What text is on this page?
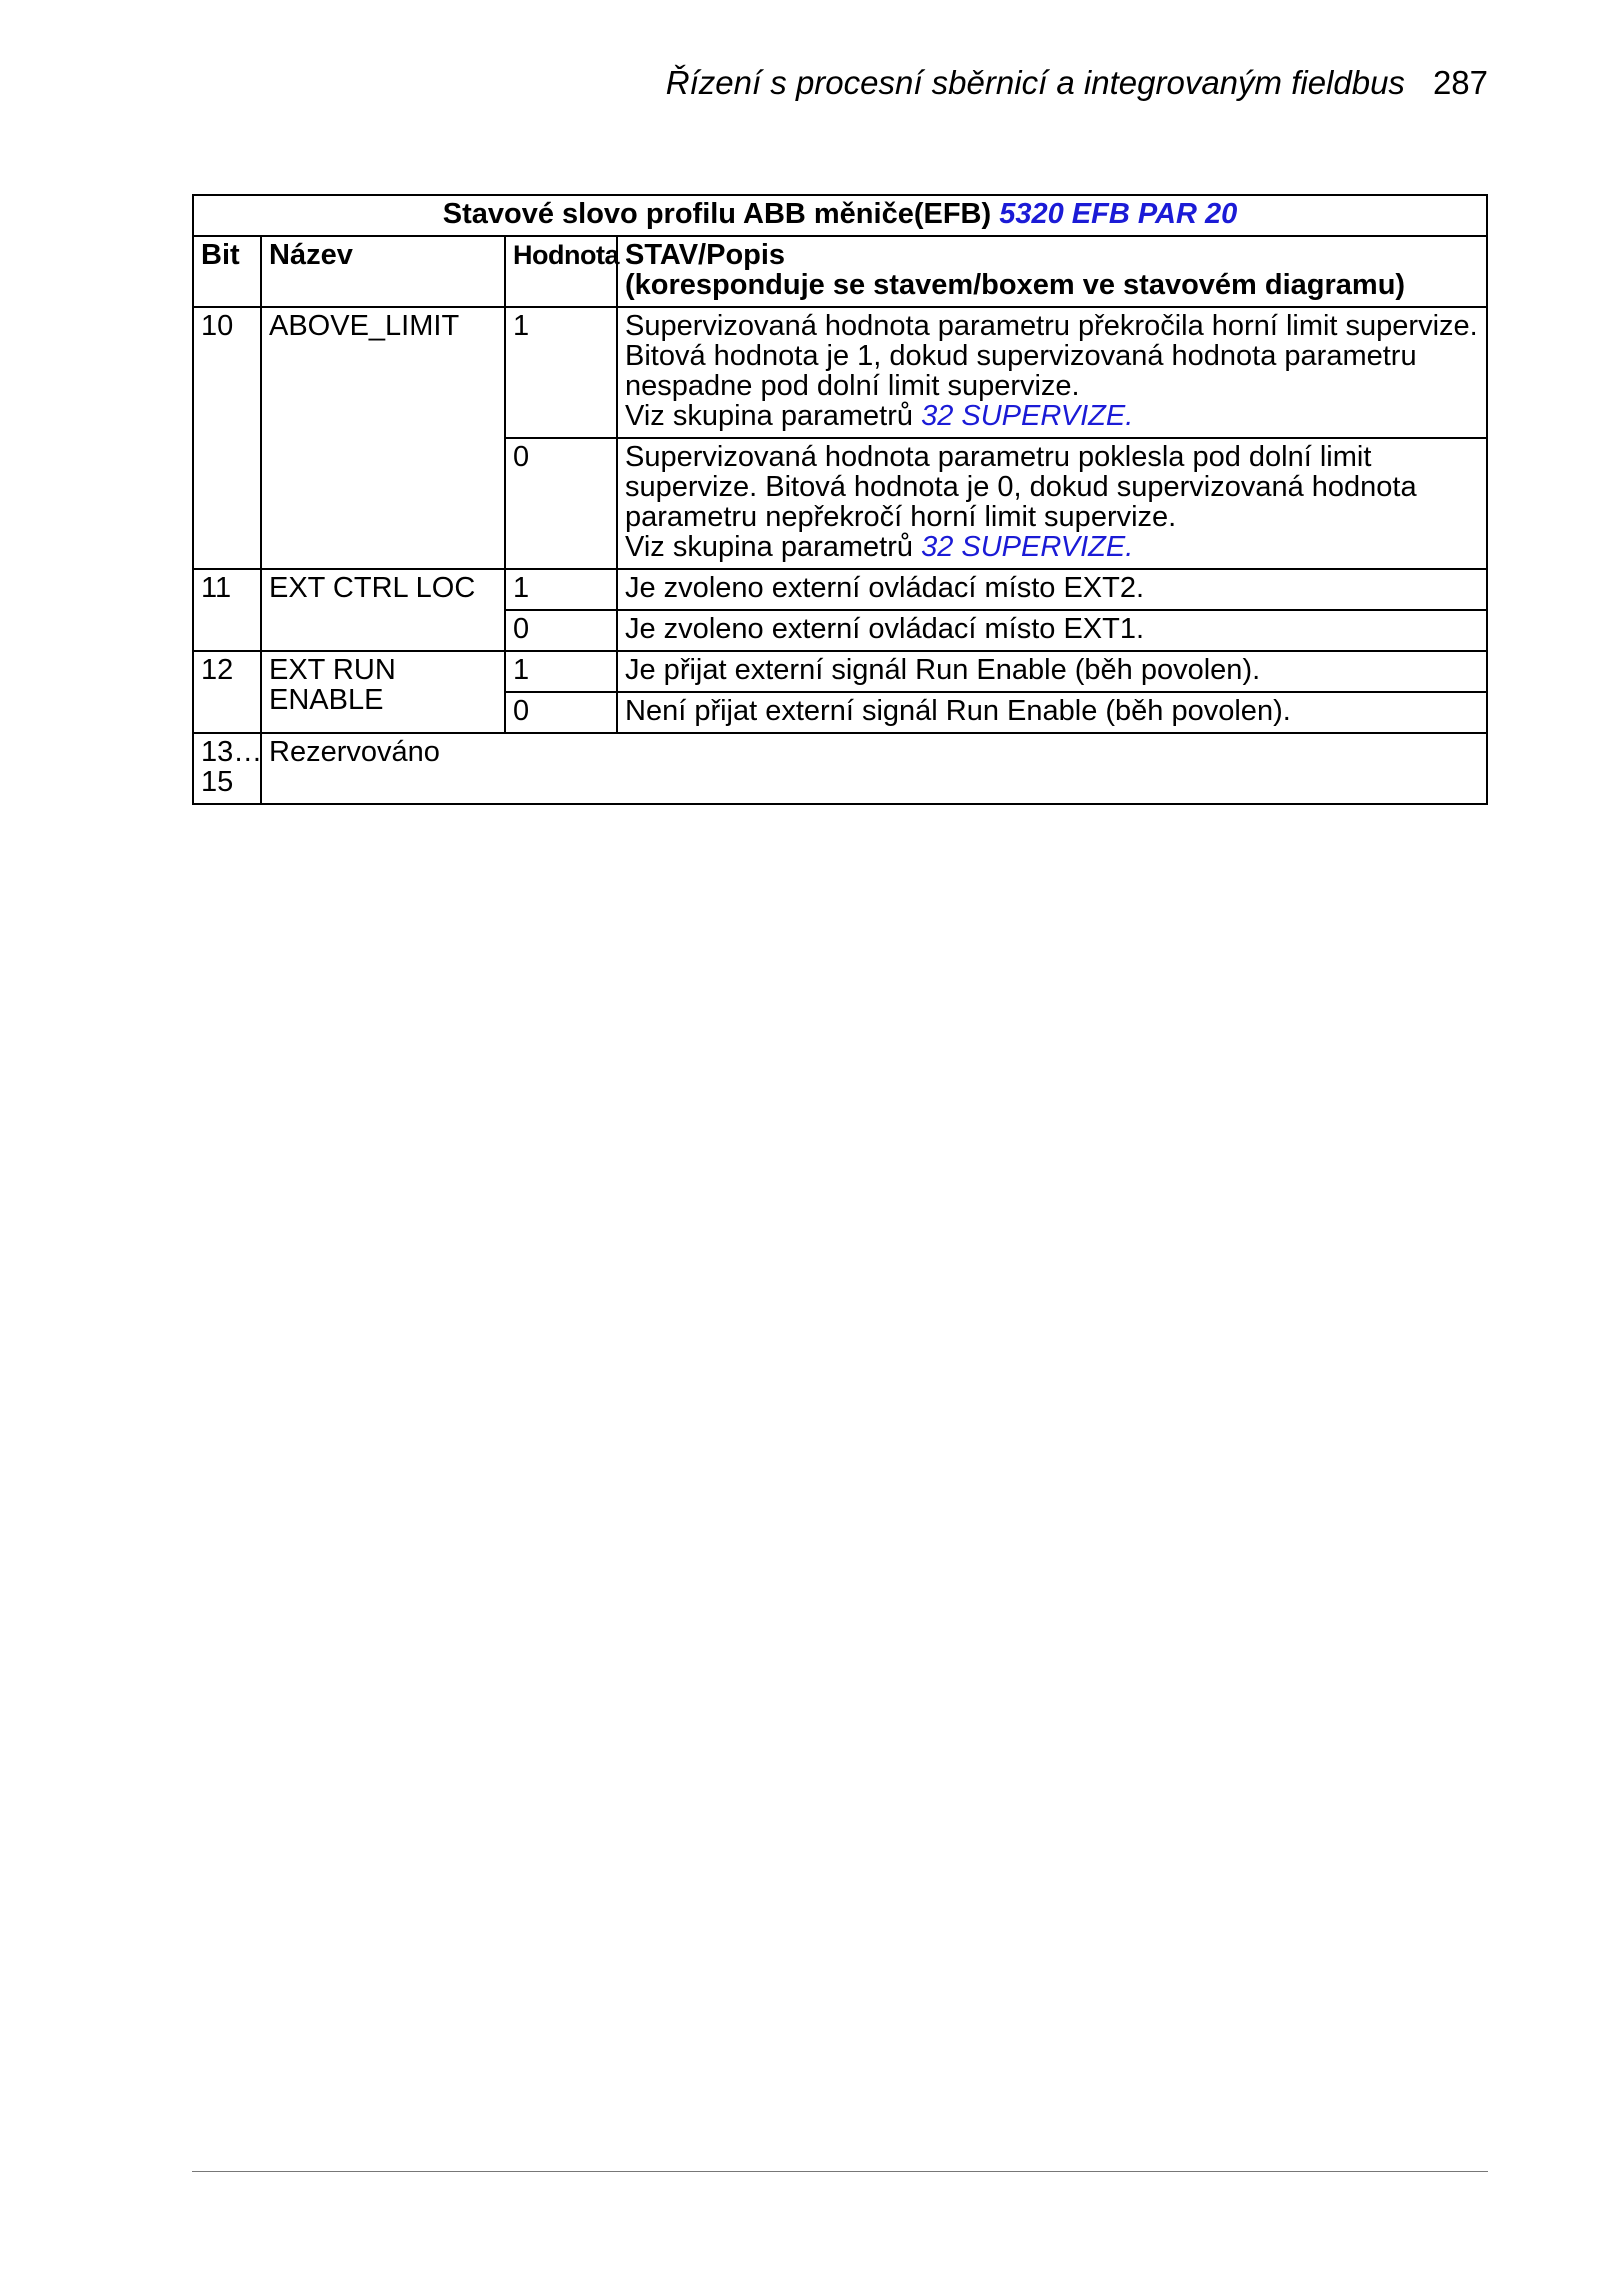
Řízení s procesní sběrnicí a integrovaným fieldbus 287
Stavové slovo profilu ABB měniče(EFB) 5320 EFB PAR 20			
Bit	Název	Hodnota	STAV/Popis
(koresponduje se stavem/boxem ve stavovém diagramu)

10	ABOVE_LIMIT	1	Supervizovaná hodnota parametru překročila horní limit supervize. Bitová hodnota je 1, dokud supervizovaná hodnota parametru nespadne pod dolní limit supervize.
Viz skupina parametrů 32 SUPERVIZE.
		0	Supervizovaná hodnota parametru poklesla pod dolní limit supervize. Bitová hodnota je 0, dokud supervizovaná hodnota parametru nepřekročí horní limit supervize.
Viz skupina parametrů 32 SUPERVIZE.
11	EXT CTRL LOC	1	Je zvoleno externí ovládací místo EXT2.
		0	Je zvoleno externí ovládací místo EXT1.
12	EXT RUN
ENABLE	1	Je přijat externí signál Run Enable (běh povolen).
		0	Není přijat externí signál Run Enable (běh povolen).

13…
15	Rezervováno		
